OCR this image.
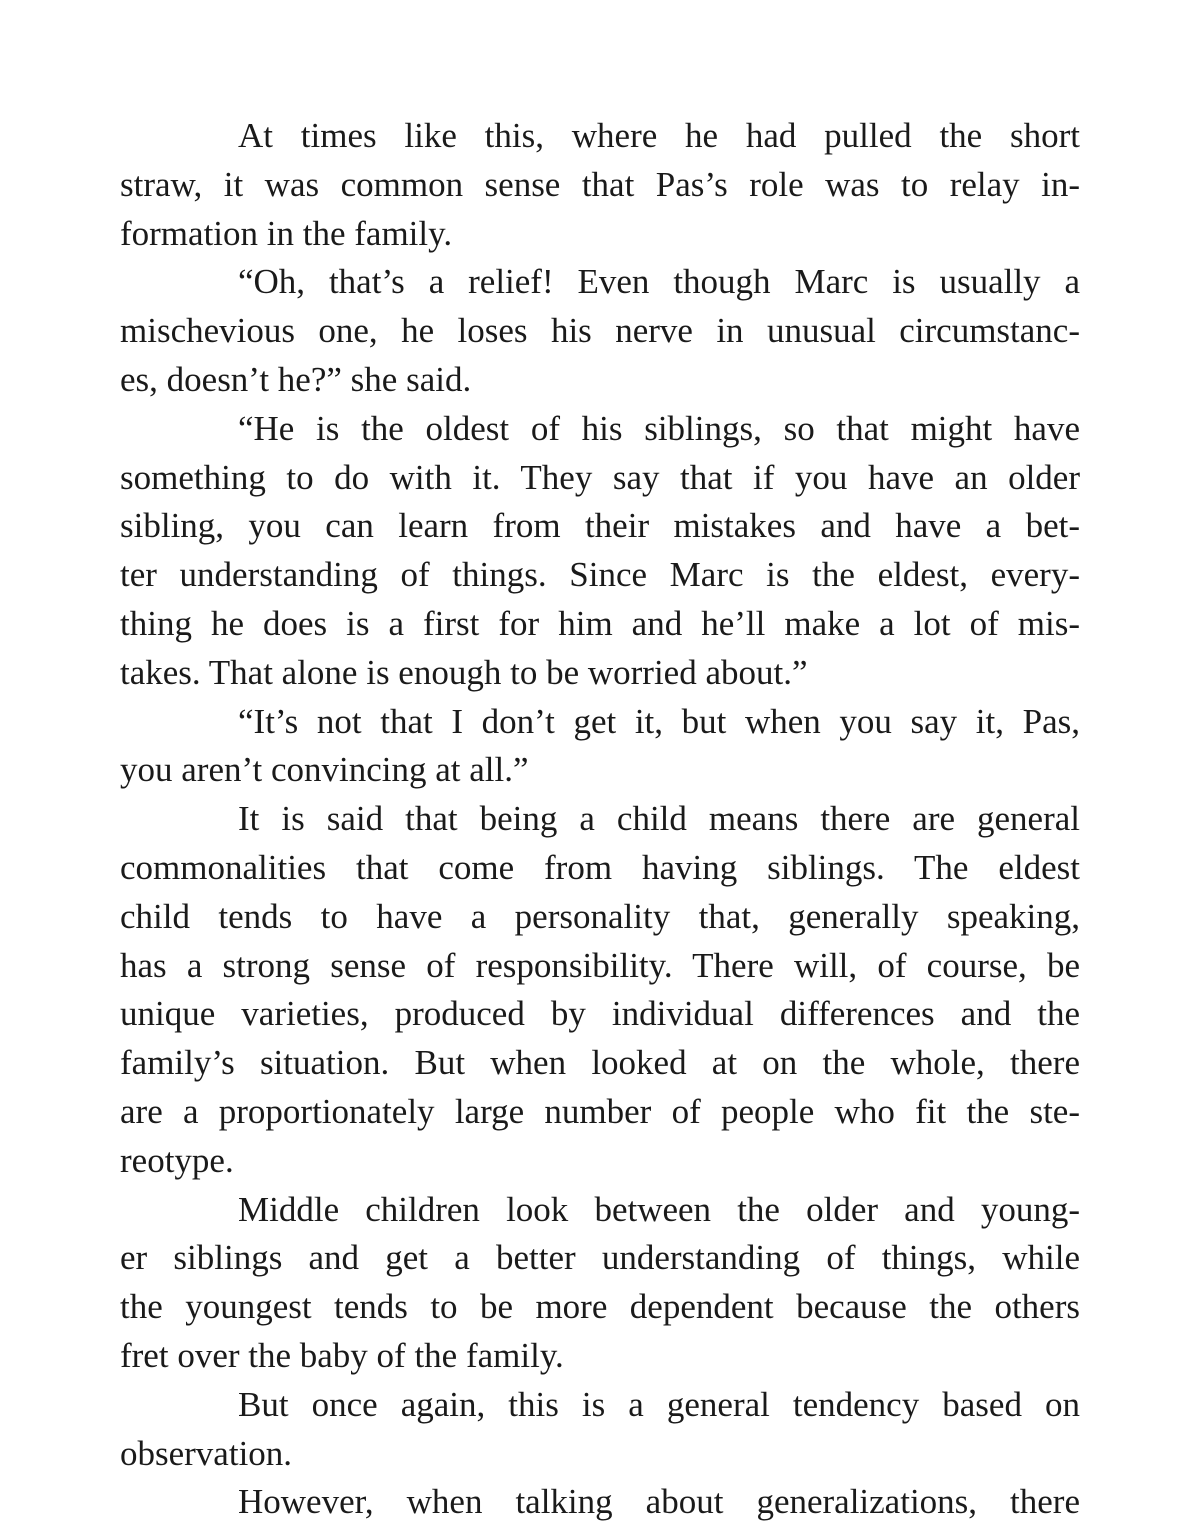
At times like this, where he had pulled the short
straw, it was common sense that Pas’s role was to relay in-
formation in the family.
“Oh, that’s a relief! Even though Marc is usually a
mischevious one, he loses his nerve in unusual circumstanc-
es, doesn’t he?” she said.
“He is the oldest of his siblings, so that might have
something to do with it. They say that if you have an older
sibling, you can learn from their mistakes and have a bet-
ter understanding of things. Since Marc is the eldest, every-
thing he does is a first for him and he’ll make a lot of mis-
takes. That alone is enough to be worried about.”
“It’s not that I don’t get it, but when you say it, Pas,
you aren’t convincing at all.”
It is said that being a child means there are general
commonalities that come from having siblings. The eldest
child tends to have a personality that, generally speaking,
has a strong sense of responsibility. There will, of course, be
unique varieties, produced by individual differences and the
family’s situation. But when looked at on the whole, there
are a proportionately large number of people who fit the ste-
reotype.
Middle children look between the older and young-
er siblings and get a better understanding of things, while
the youngest tends to be more dependent because the others
fret over the baby of the family.
But once again, this is a general tendency based on
observation.
However, when talking about generalizations, there
